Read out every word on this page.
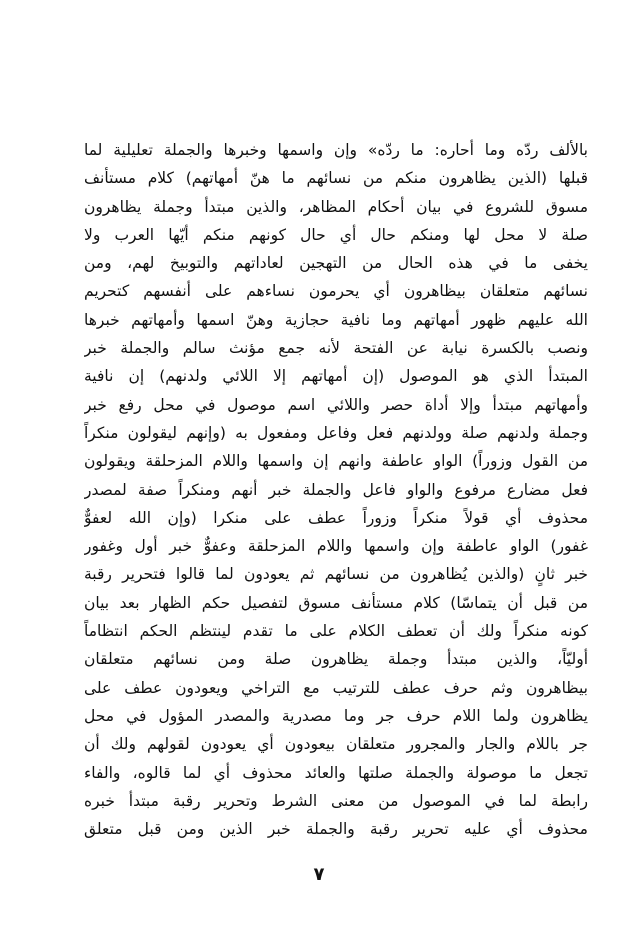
بالألف ردّه وما أحاره: ما ردّه» وإن واسمها وخبرها والجملة تعليلية لما
قبلها (الذين يظاهرون منكم من نسائهم ما هنّ أمهاتهم) كلام مستأنف
مسوق للشروع في بيان أحكام المظاهر، والذين مبتدأ وجملة يظاهرون
صلة لا محل لها ومنكم حال أي حال كونهم منكم أيّها العرب ولا
يخفى ما في هذه الحال من التهجين لعاداتهم والتوبيخ لهم، ومن
نسائهم متعلقان بيظاهرون أي يحرمون نساءهم على أنفسهم كتحريم
الله عليهم ظهور أمهاتهم وما نافية حجازية وهنّ اسمها وأمهاتهم خبرها
ونصب بالكسرة نيابة عن الفتحة لأنه جمع مؤنث سالم والجملة خبر
المبتدأ الذي هو الموصول (إن أمهاتهم إلا اللائي ولدنهم) إن نافية
وأمهاتهم مبتدأ وإلا أداة حصر واللائي اسم موصول في محل رفع خبر
وجملة ولدنهم صلة وولدنهم فعل وفاعل ومفعول به (وإنهم ليقولون منكراً
من القول وزوراً) الواو عاطفة وانهم إن واسمها واللام المزحلقة ويقولون
فعل مضارع مرفوع والواو فاعل والجملة خبر أنهم ومنكراً صفة لمصدر
محذوف أي قولاً منكراً وزوراً عطف على منكرا (وإن الله لعفوٌّ
غفور) الواو عاطفة وإن واسمها واللام المزحلقة وعفوٌّ خبر أول وغفور
خبر ثانٍ (والذين يُظاهرون من نسائهم ثم يعودون لما قالوا فتحرير رقبة
من قبل أن يتماسّا) كلام مستأنف مسوق لتفصيل حكم الظهار بعد بيان
كونه منكراً ولك أن تعطف الكلام على ما تقدم لينتظم الحكم انتظاماً
أوليّاً، والذين مبتدأ وجملة يظاهرون صلة ومن نسائهم متعلقان
بيظاهرون وثم حرف عطف للترتيب مع التراخي ويعودون عطف على
يظاهرون ولما اللام حرف جر وما مصدرية والمصدر المؤول في محل
جر باللام والجار والمجرور متعلقان بيعودون أي يعودون لقولهم ولك أن
تجعل ما موصولة والجملة صلتها والعائد محذوف أي لما قالوه، والفاء
رابطة لما في الموصول من معنى الشرط وتحرير رقبة مبتدأ خبره
محذوف أي عليه تحرير رقبة والجملة خبر الذين ومن قبل متعلق
٧
